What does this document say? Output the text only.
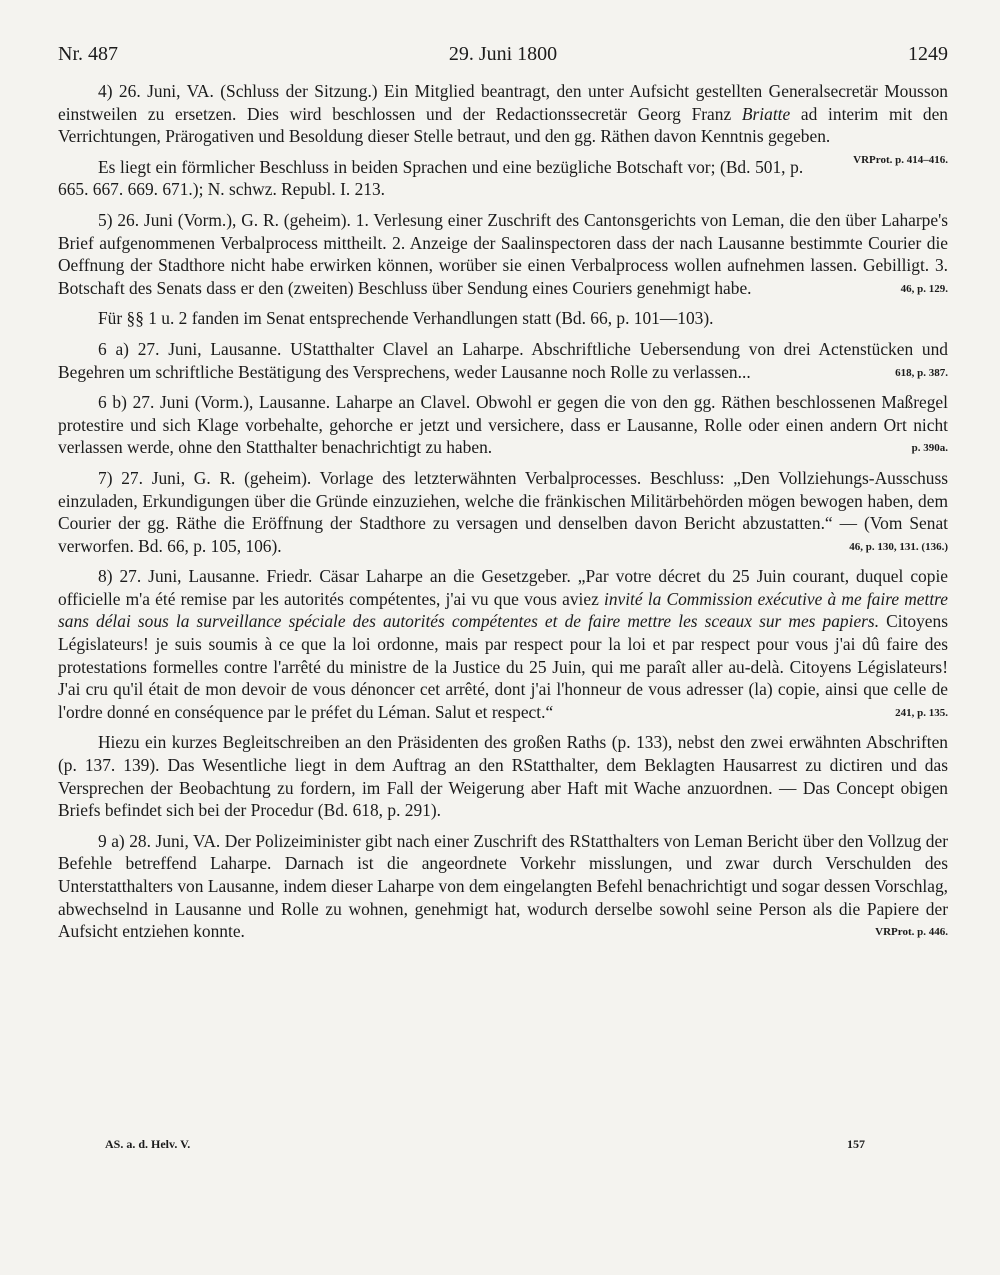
Nr. 487	29. Juni 1800	1249

4) 26. Juni, VA. (Schluss der Sitzung.) Ein Mitglied beantragt, den unter Aufsicht gestellten Generalsecretär Mousson einstweilen zu ersetzen. Dies wird beschlossen und der Redactionssecretär Georg Franz Briatte ad interim mit den Verrichtungen, Prärogativen und Besoldung dieser Stelle betraut, und den gg. Räthen davon Kenntnis gegeben.
VRProt. p. 414–416.

Es liegt ein förmlicher Beschluss in beiden Sprachen und eine bezügliche Botschaft vor; (Bd. 501, p. 665. 667. 669. 671.); N. schwz. Republ. I. 213.

5) 26. Juni (Vorm.), G. R. (geheim). 1. Verlesung einer Zuschrift des Cantonsgerichts von Leman, die den über Laharpe's Brief aufgenommenen Verbalprocess mittheilt. 2. Anzeige der Saalinspectoren dass der nach Lausanne bestimmte Courier die Oeffnung der Stadthore nicht habe erwirken können, worüber sie einen Verbalprocess wollen aufnehmen lassen. Gebilligt. 3. Botschaft des Senats dass er den (zweiten) Beschluss über Sendung eines Couriers genehmigt habe.	46, p. 129.

Für §§ 1 u. 2 fanden im Senat entsprechende Verhandlungen statt (Bd. 66, p. 101—103).

6 a) 27. Juni, Lausanne. UStatthalter Clavel an Laharpe. Abschriftliche Uebersendung von drei Actenstücken und Begehren um schriftliche Bestätigung des Versprechens, weder Lausanne noch Rolle zu verlassen...	618, p. 387.

6 b) 27. Juni (Vorm.), Lausanne. Laharpe an Clavel. Obwohl er gegen die von den gg. Räthen beschlossenen Maßregel protestire und sich Klage vorbehalte, gehorche er jetzt und versichere, dass er Lausanne, Rolle oder einen andern Ort nicht verlassen werde, ohne den Statthalter benachrichtigt zu haben.	p. 390a.

7) 27. Juni, G. R. (geheim). Vorlage des letzterwähnten Verbalprocesses. Beschluss: „Den Vollziehungs-Ausschuss einzuladen, Erkundigungen über die Gründe einzuziehen, welche die fränkischen Militärbehörden mögen bewogen haben, dem Courier der gg. Räthe die Eröffnung der Stadthore zu versagen und denselben davon Bericht abzustatten.“ — (Vom Senat verworfen. Bd. 66, p. 105, 106).	46, p. 130, 131. (136.)

8) 27. Juni, Lausanne. Friedr. Cäsar Laharpe an die Gesetzgeber. „Par votre décret du 25 Juin courant, duquel copie officielle m'a été remise par les autorités compétentes, j'ai vu que vous aviez invité la Commission exécutive à me faire mettre sans délai sous la surveillance spéciale des autorités compétentes et de faire mettre les sceaux sur mes papiers. Citoyens Législateurs! je suis soumis à ce que la loi ordonne, mais par respect pour la loi et par respect pour vous j'ai dû faire des protestations formelles contre l'arrêté du ministre de la Justice du 25 Juin, qui me paraît aller au-delà. Citoyens Législateurs! J'ai cru qu'il était de mon devoir de vous dénoncer cet arrêté, dont j'ai l'honneur de vous adresser (la) copie, ainsi que celle de l'ordre donné en conséquence par le préfet du Léman. Salut et respect.“	241, p. 135.

Hiezu ein kurzes Begleitschreiben an den Präsidenten des großen Raths (p. 133), nebst den zwei erwähnten Abschriften (p. 137. 139). Das Wesentliche liegt in dem Auftrag an den RStatthalter, dem Beklagten Hausarrest zu dictiren und das Versprechen der Beobachtung zu fordern, im Fall der Weigerung aber Haft mit Wache anzuordnen. — Das Concept obigen Briefs befindet sich bei der Procedur (Bd. 618, p. 291).

9 a) 28. Juni, VA. Der Polizeiminister gibt nach einer Zuschrift des RStatthalters von Leman Bericht über den Vollzug der Befehle betreffend Laharpe. Darnach ist die angeordnete Vorkehr misslungen, und zwar durch Verschulden des Unterstatthalters von Lausanne, indem dieser Laharpe von dem eingelangten Befehl benachrichtigt und sogar dessen Vorschlag, abwechselnd in Lausanne und Rolle zu wohnen, genehmigt hat, wodurch derselbe sowohl seine Person als die Papiere der Aufsicht entziehen konnte.	VRProt. p. 446.

AS. a. d. Helv. V.	157
